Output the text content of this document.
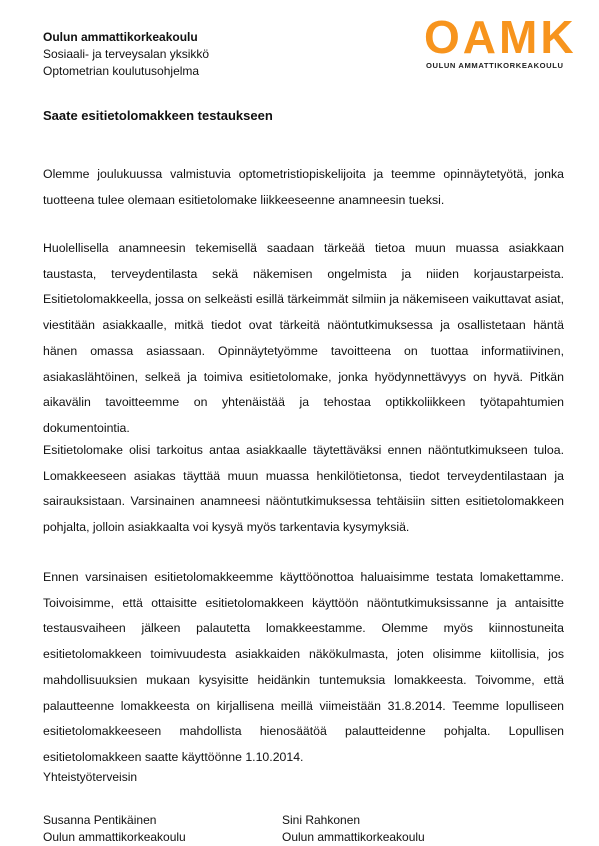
Oulun ammattikorkeakoulu
Sosiaali- ja terveysalan yksikkö
Optometrian koulutusohjelma
OAMK
OULUN AMMATTIKORKEAKOULU
Saate esitietolomakkeen testaukseen

Olemme joulukuussa valmistuvia optometristiopiskelijoita ja teemme opinnäytetyötä, jonka tuotteena tulee olemaan esitietolomake liikkeeseenne anamneesin tueksi.

Huolellisella anamneesin tekemisellä saadaan tärkeää tietoa muun muassa asiakkaan taustasta, terveydentilasta sekä näkemisen ongelmista ja niiden korjaustarpeista. Esitietolomakkeella, jossa on selkeästi esillä tärkeimmät silmiin ja näkemiseen vaikuttavat asiat, viestitään asiakkaalle, mitkä tiedot ovat tärkeitä näöntutkimuksessa ja osallistetaan häntä hänen omassa asiassaan. Opinnäytetyömme tavoitteena on tuottaa informatiivinen, asiakaslähtöinen, selkeä ja toimiva esitietolomake, jonka hyödynnettävyys on hyvä. Pitkän aikavälin tavoitteemme on yhtenäistää ja tehostaa optikkoliikkeen työtapahtumien dokumentointia.

Esitietolomake olisi tarkoitus antaa asiakkaalle täytettäväksi ennen näöntutkimukseen tuloa. Lomakkeeseen asiakas täyttää muun muassa henkilötietonsa, tiedot terveydentilastaan ja sairauksistaan. Varsinainen anamneesi näöntutkimuksessa tehtäisiin sitten esitietolomakkeen pohjalta, jolloin asiakkaalta voi kysyä myös tarkentavia kysymyksiä.

Ennen varsinaisen esitietolomakkeemme käyttöönottoa haluaisimme testata lomakettamme. Toivoisimme, että ottaisitte esitietolomakkeen käyttöön näöntutkimuksissanne ja antaisitte testausvaiheen jälkeen palautetta lomakkeestamme. Olemme myös kiinnostuneita esitietolomakkeen toimivuudesta asiakkaiden näkökulmasta, joten olisimme kiitollisia, jos mahdollisuuksien mukaan kysyisitte heidänkin tuntemuksia lomakkeesta. Toivomme, että palautteenne lomakkeesta on kirjallisena meillä viimeistään 31.8.2014. Teemme lopulliseen esitietolomakkeeseen mahdollista hienosäätöä palautteidenne pohjalta. Lopullisen esitietolomakkeen saatte käyttöönne 1.10.2014.

Yhteistyöterveisin
Susanna Pentikäinen
Oulun ammattikorkeakoulu
Sini Rahkonen
Oulun ammattikorkeakoulu
